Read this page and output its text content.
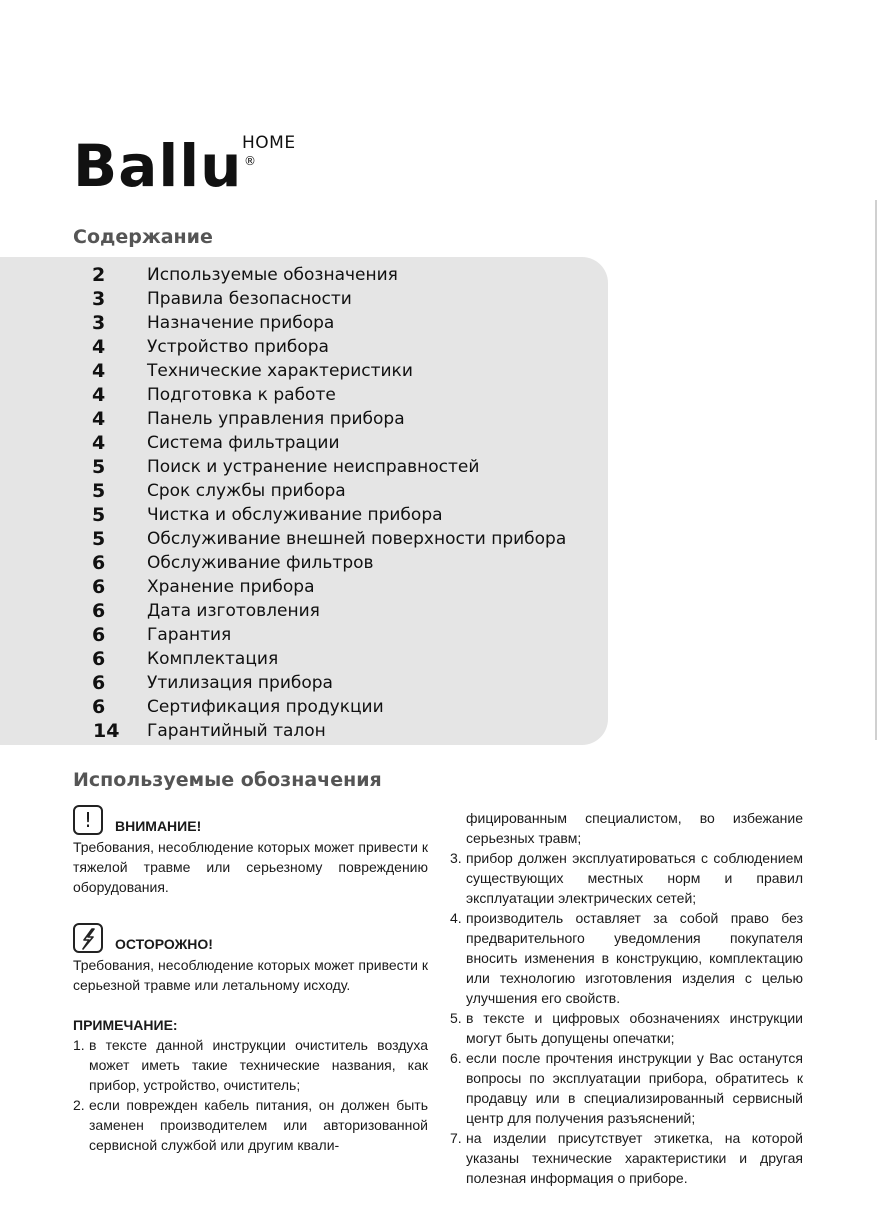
Ballu HOME
®
Содержание
2	Используемые обозначения
3	Правила безопасности
3	Назначение прибора
4	Устройство прибора
4	Технические характеристики
4	Подготовка к работе
4	Панель управления прибора
4	Система фильтрации
5	Поиск и устранение неисправностей
5	Срок службы прибора
5	Чистка и обслуживание прибора
5	Обслуживание внешней поверхности прибора
6	Обслуживание фильтров
6	Хранение прибора
6	Дата изготовления
6	Гарантия
6	Комплектация
6	Утилизация прибора
6	Сертификация продукции
14 Гарантийный талон
Используемые обозначения
!ВНИМАНИЕ!

Требования, несоблюдение которых может привести к тяжелой травме или серьезному повреждению оборудования.

ОСТОРОЖНО!

Требования, несоблюдение которых может привести к серьезной травме или летальному исходу.

ПРИМЕЧАНИЕ:

1. в тексте данной инструкции очиститель воздуха может иметь такие технические названия, как прибор, устройство, очиститель;
2. если поврежден кабель питания, он должен быть заменен производителем или авторизованной сервисной службой или другим квали-

фицированным специалистом, во избежание серьезных травм;

3. прибор должен эксплуатироваться с соблюдением существующих местных норм и правил эксплуатации электрических сетей;
4. производитель оставляет за собой право без предварительного уведомления покупателя вносить изменения в конструкцию, комплектацию или технологию изготовления изделия с целью улучшения его свойств.
5. в тексте и цифровых обозначениях инструкции могут быть допущены опечатки;
6. если после прочтения инструкции у Вас останутся вопросы по эксплуатации прибора, обратитесь к продавцу или в специализированный сервисный центр для получения разъяснений;
7. на изделии присутствует этикетка, на которой указаны технические характеристики и другая полезная информация о приборе.
